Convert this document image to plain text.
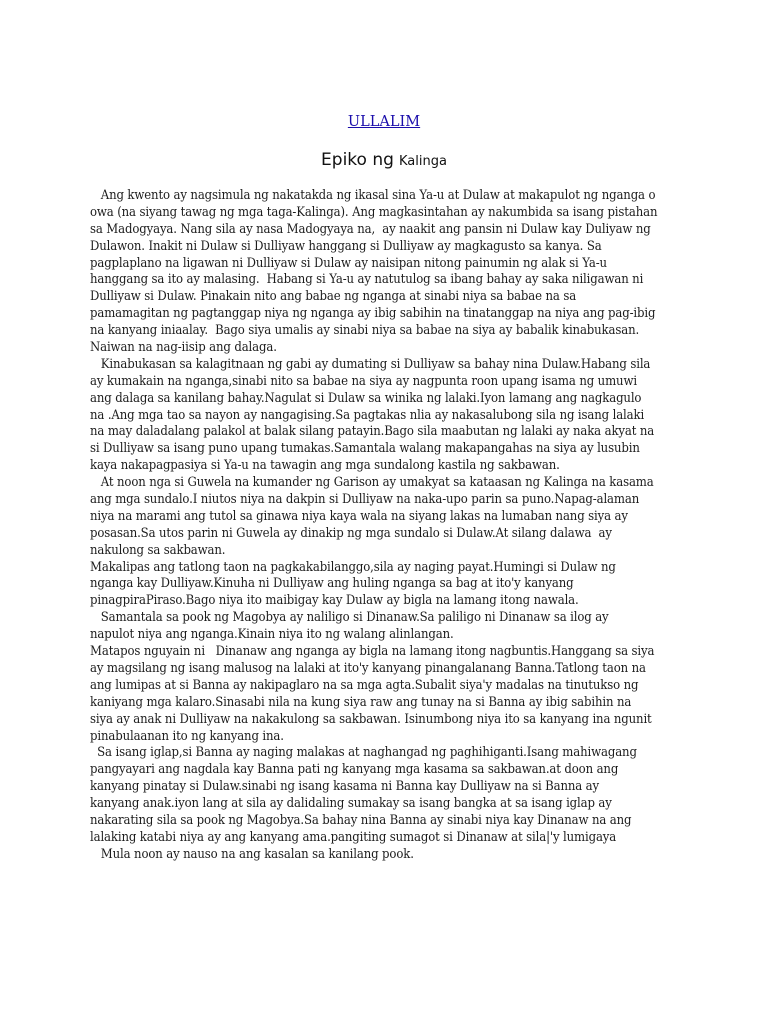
ULLALIM
Epiko ng Kalinga
Ang kwento ay nagsimula ng nakatakda ng ikasal sina Ya-u at Dulaw at makapulot ng nganga o
owa (na siyang tawag ng mga taga-Kalinga). Ang magkasintahan ay nakumbida sa isang pistahan
sa Madogyaya. Nang sila ay nasa Madogyaya na,  ay naakit ang pansin ni Dulaw kay Duliyaw ng
Dulawon. Inakit ni Dulaw si Dulliyaw hanggang si Dulliyaw ay magkagusto sa kanya. Sa
pagplaplano na ligawan ni Dulliyaw si Dulaw ay naisipan nitong painumin ng alak si Ya-u
hanggang sa ito ay malasing.  Habang si Ya-u ay natutulog sa ibang bahay ay saka niligawan ni
Dulliyaw si Dulaw. Pinakain nito ang babae ng nganga at sinabi niya sa babae na sa
pamamagitan ng pagtanggap niya ng nganga ay ibig sabihin na tinatanggap na niya ang pag-ibig
na kanyang iniaalay.  Bago siya umalis ay sinabi niya sa babae na siya ay babalik kinabukasan.
Naiwan na nag-iisip ang dalaga.
Kinabukasan sa kalagitnaan ng gabi ay dumating si Dulliyaw sa bahay nina Dulaw.Habang sila
ay kumakain na nganga,sinabi nito sa babae na siya ay nagpunta roon upang isama ng umuwi
ang dalaga sa kanilang bahay.Nagulat si Dulaw sa winika ng lalaki.Iyon lamang ang nagkagulo
na .Ang mga tao sa nayon ay nangagising.Sa pagtakas nlia ay nakasalubong sila ng isang lalaki
na may daladalang palakol at balak silang patayin.Bago sila maabutan ng lalaki ay naka akyat na
si Dulliyaw sa isang puno upang tumakas.Samantala walang makapangahas na siya ay lusubin
kaya nakapagpasiya si Ya-u na tawagin ang mga sundalong kastila ng sakbawan.
At noon nga si Guwela na kumander ng Garison ay umakyat sa kataasan ng Kalinga na kasama
ang mga sundalo.I niutos niya na dakpin si Dulliyaw na naka-upo parin sa puno.Napag-alaman
niya na marami ang tutol sa ginawa niya kaya wala na siyang lakas na lumaban nang siya ay
posasan.Sa utos parin ni Guwela ay dinakip ng mga sundalo si Dulaw.At silang dalawa  ay
nakulong sa sakbawan.
Makalipas ang tatlong taon na pagkakabilanggo,sila ay naging payat.Humingi si Dulaw ng
nganga kay Dulliyaw.Kinuha ni Dulliyaw ang huling nganga sa bag at ito'y kanyang
pinagpiraPiraso.Bago niya ito maibigay kay Dulaw ay bigla na lamang itong nawala.
Samantala sa pook ng Magobya ay naliligo si Dinanaw.Sa paliligo ni Dinanaw sa ilog ay
napulot niya ang nganga.Kinain niya ito ng walang alinlangan.
Matapos nguyain ni   Dinanaw ang nganga ay bigla na lamang itong nagbuntis.Hanggang sa siya
ay magsilang ng isang malusog na lalaki at ito'y kanyang pinangalanang Banna.Tatlong taon na
ang lumipas at si Banna ay nakipaglaro na sa mga agta.Subalit siya'y madalas na tinutukso ng
kaniyang mga kalaro.Sinasabi nila na kung siya raw ang tunay na si Banna ay ibig sabihin na
siya ay anak ni Dulliyaw na nakakulong sa sakbawan. Isinumbong niya ito sa kanyang ina ngunit
pinabulaanan ito ng kanyang ina.
Sa isang iglap,si Banna ay naging malakas at naghangad ng paghihiganti.Isang mahiwagang
pangyayari ang nagdala kay Banna pati ng kanyang mga kasama sa sakbawan.at doon ang
kanyang pinatay si Dulaw.sinabi ng isang kasama ni Banna kay Dulliyaw na si Banna ay
kanyang anak.iyon lang at sila ay dalidaling sumakay sa isang bangka at sa isang iglap ay
nakarating sila sa pook ng Magobya.Sa bahay nina Banna ay sinabi niya kay Dinanaw na ang
lalaking katabi niya ay ang kanyang ama.pangiting sumagot si Dinanaw at sila|'y lumigaya
Mula noon ay nauso na ang kasalan sa kanilang pook.
